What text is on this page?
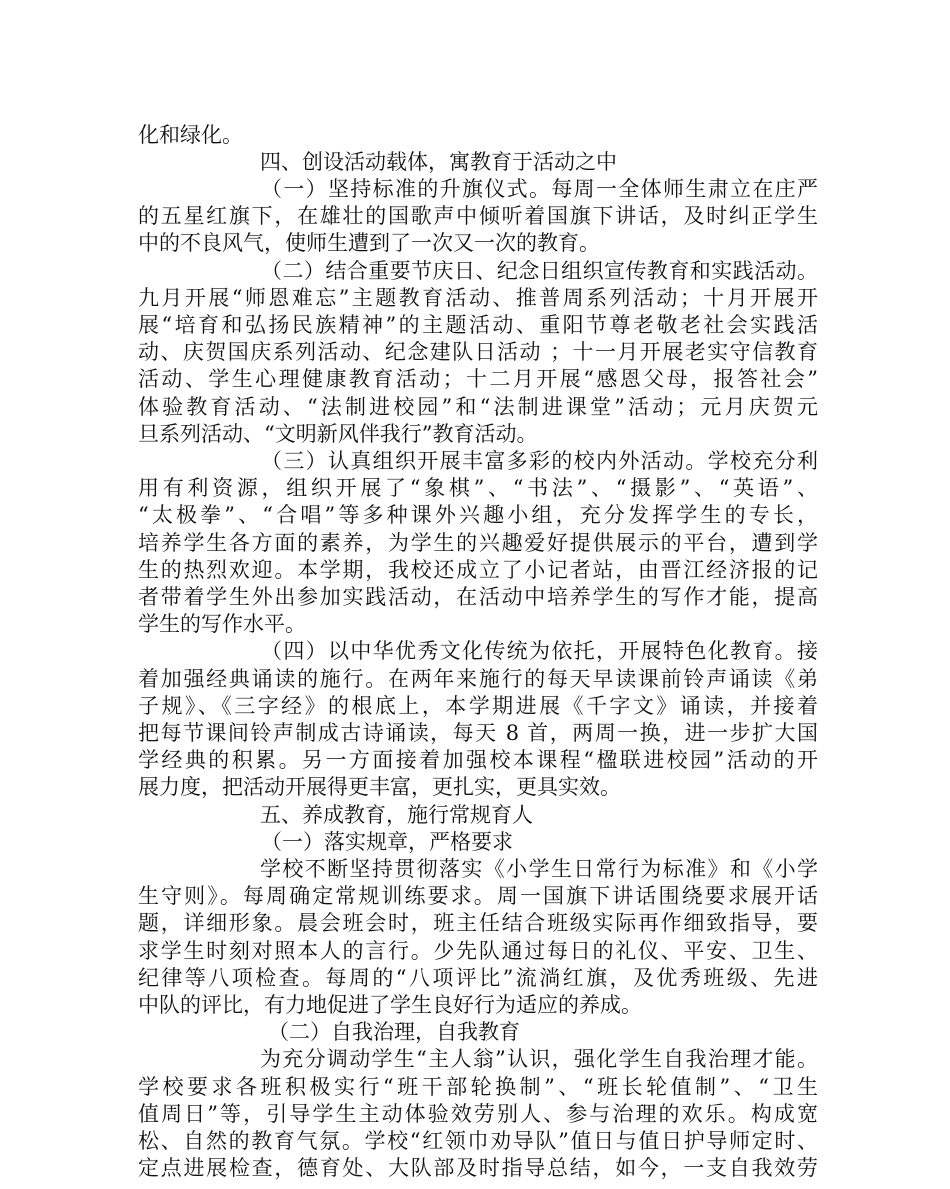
化和绿化。
四、创设活动载体，寓教育于活动之中
（一）坚持标准的升旗仪式。每周一全体师生肃立在庄严
的五星红旗下，在雄壮的国歌声中倾听着国旗下讲话，及时纠正学生
中的不良风气，使师生遭到了一次又一次的教育。
（二）结合重要节庆日、纪念日组织宣传教育和实践活动。
九月开展“师恩难忘”主题教育活动、推普周系列活动；十月开展开
展“培育和弘扬民族精神”的主题活动、重阳节尊老敬老社会实践活
动、庆贺国庆系列活动、纪念建队日活动 ；十一月开展老实守信教育
活动、学生心理健康教育活动；十二月开展“感恩父母，报答社会”
体验教育活动、“法制进校园”和“法制进课堂”活动；元月庆贺元
旦系列活动、“文明新风伴我行”教育活动。
（三）认真组织开展丰富多彩的校内外活动。学校充分利
用有利资源，组织开展了“象棋”、“书法”、“摄影”、“英语”、
“太极拳”、“合唱”等多种课外兴趣小组，充分发挥学生的专长，
培养学生各方面的素养，为学生的兴趣爱好提供展示的平台，遭到学
生的热烈欢迎。本学期，我校还成立了小记者站，由晋江经济报的记
者带着学生外出参加实践活动，在活动中培养学生的写作才能，提高
学生的写作水平。
（四）以中华优秀文化传统为依托，开展特色化教育。接
着加强经典诵读的施行。在两年来施行的每天早读课前铃声诵读《弟
子规》、《三字经》的根底上，本学期进展《千字文》诵读，并接着
把每节课间铃声制成古诗诵读，每天 8 首，两周一换，进一步扩大国
学经典的积累。另一方面接着加强校本课程“楹联进校园”活动的开
展力度，把活动开展得更丰富，更扎实，更具实效。
五、养成教育，施行常规育人
（一）落实规章，严格要求
学校不断坚持贯彻落实《小学生日常行为标准》和《小学
生守则》。每周确定常规训练要求。周一国旗下讲话围绕要求展开话
题，详细形象。晨会班会时，班主任结合班级实际再作细致指导，要
求学生时刻对照本人的言行。少先队通过每日的礼仪、平安、卫生、
纪律等八项检查。每周的“八项评比”流淌红旗，及优秀班级、先进
中队的评比，有力地促进了学生良好行为适应的养成。
（二）自我治理，自我教育
为充分调动学生“主人翁”认识，强化学生自我治理才能。
学校要求各班积极实行“班干部轮换制”、“班长轮值制”、“卫生
值周日”等，引导学生主动体验效劳别人、参与治理的欢乐。构成宽
松、自然的教育气氛。学校“红领巾劝导队”值日与值日护导师定时、
定点进展检查，德育处、大队部及时指导总结，如今，一支自我效劳
